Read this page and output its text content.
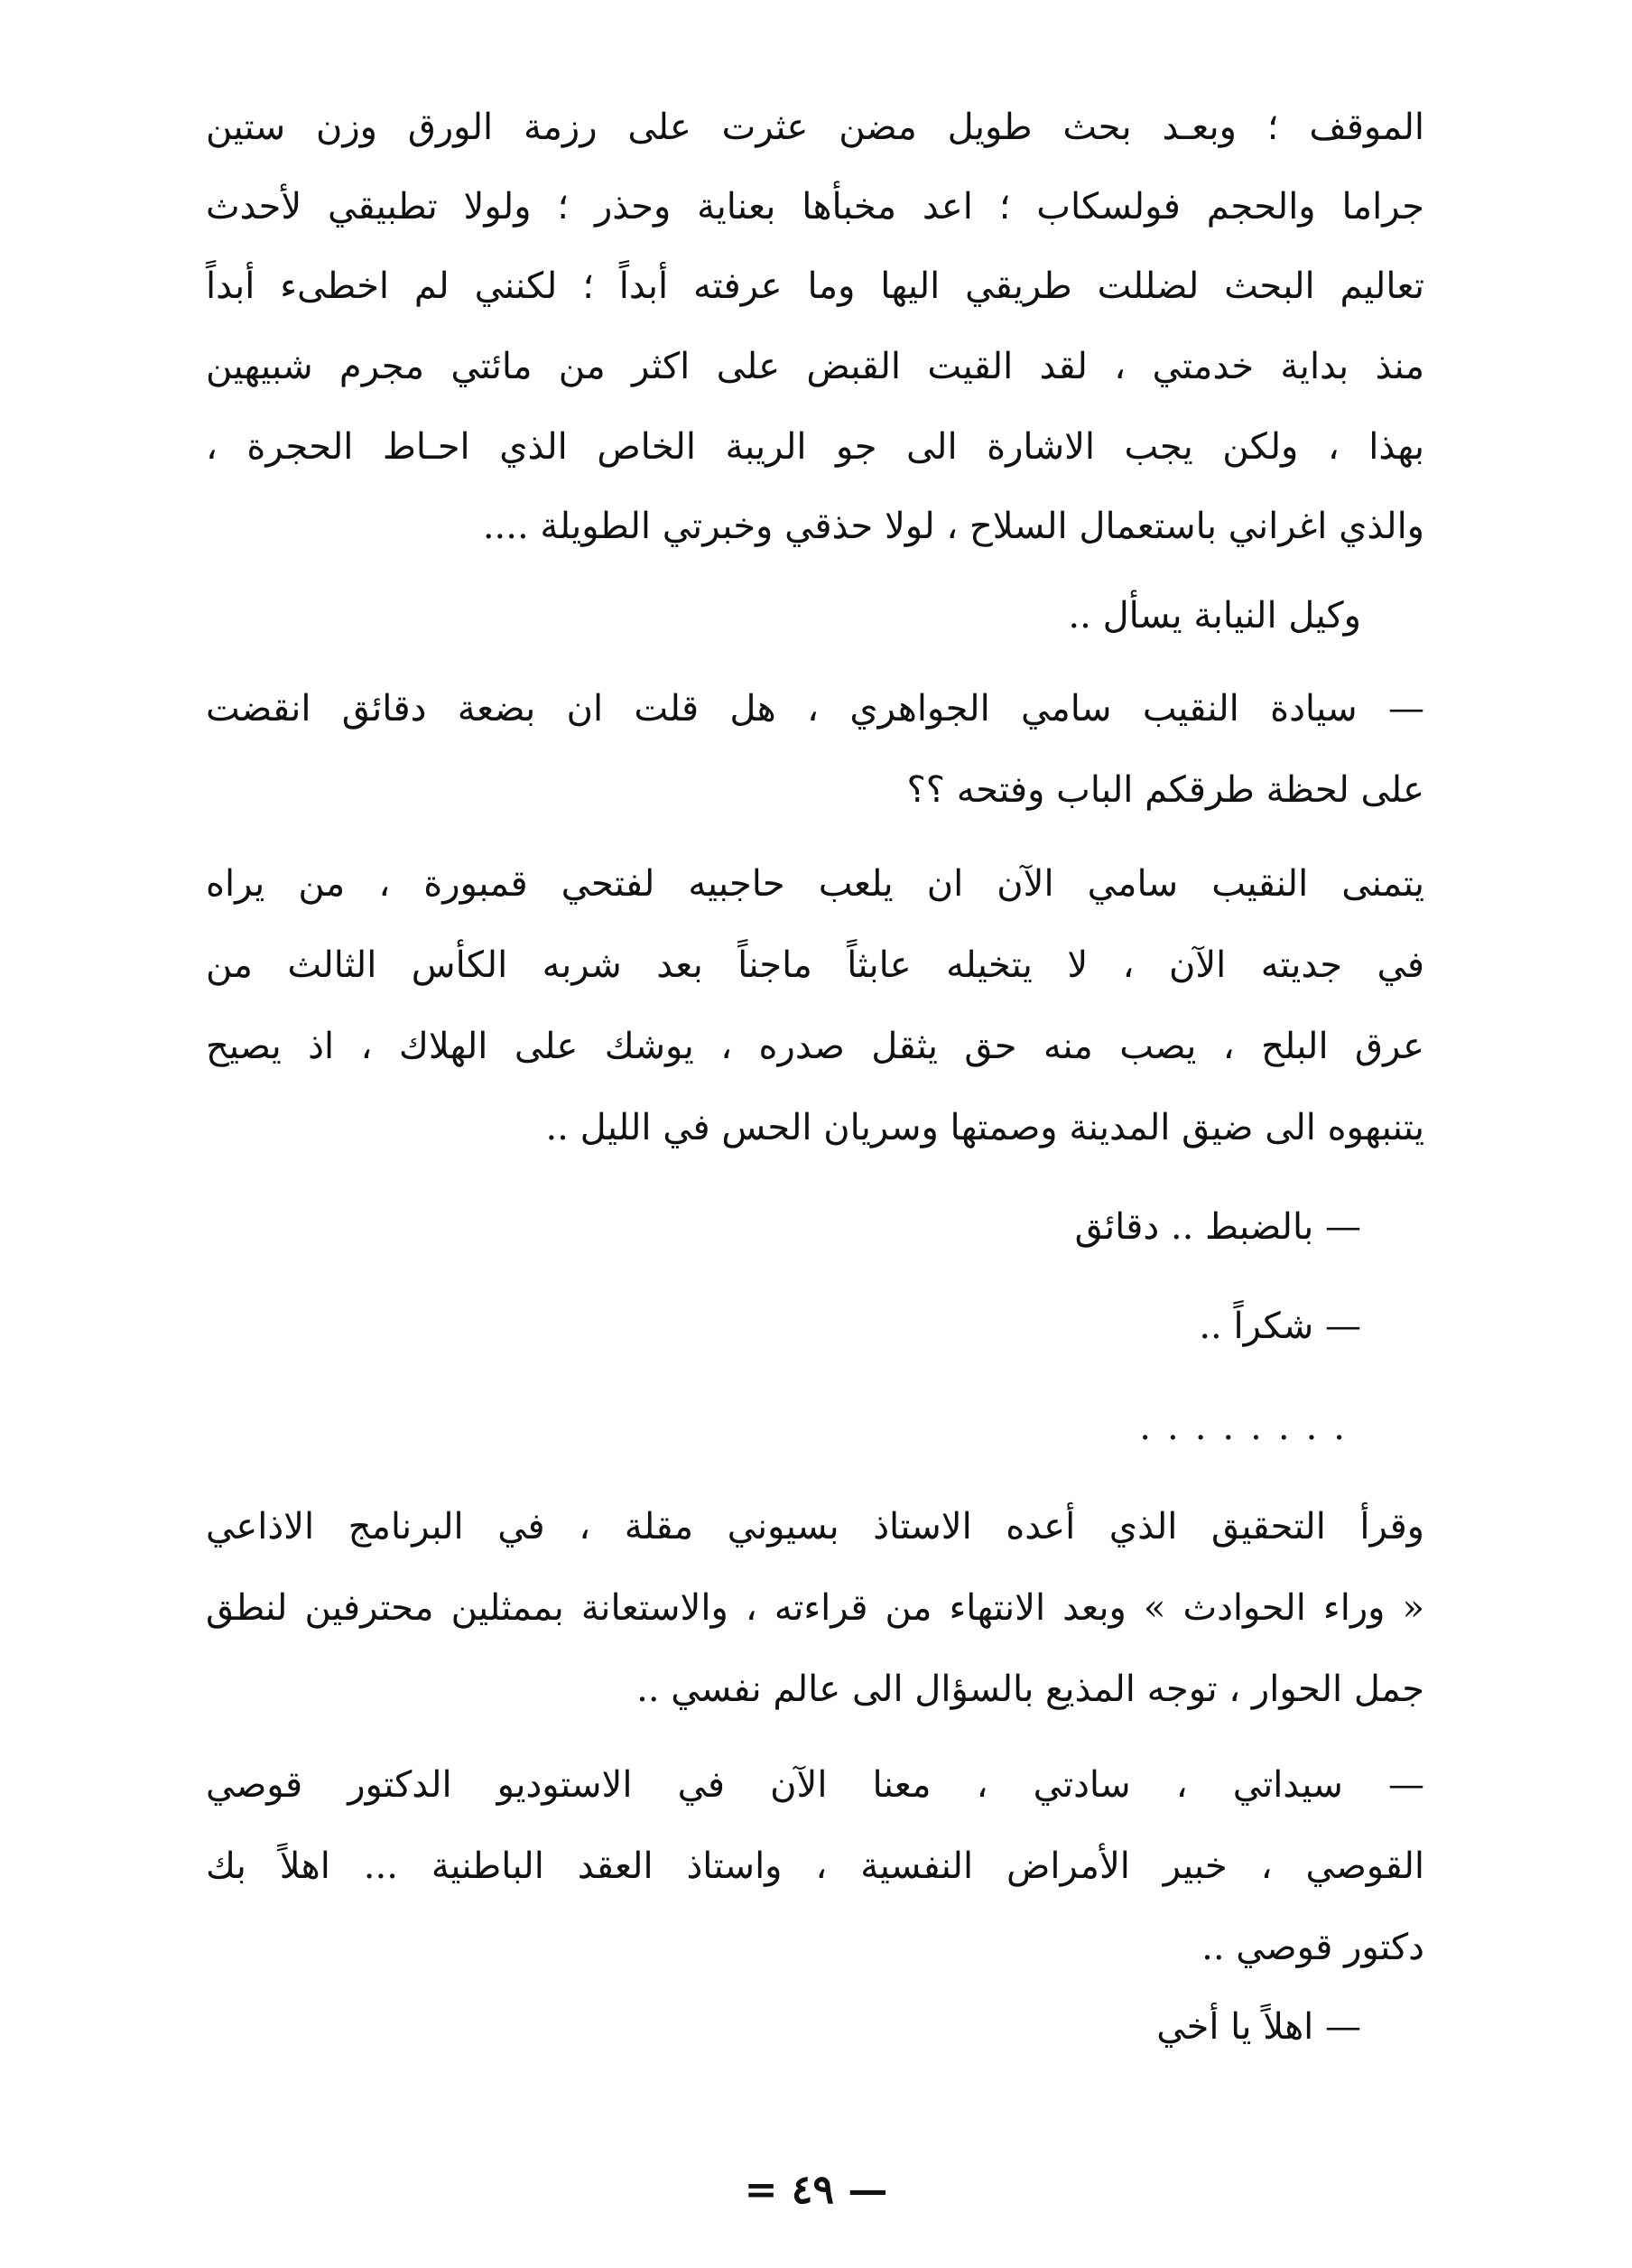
الموقف ؛ وبعـد بحث طويل مضن عثرت على رزمة الورق وزن ستين
جراما والحجم فولسكاب ؛ اعد مخبأها بعناية وحذر ؛ ولولا تطبيقي لأحدث
تعاليم البحث لضللت طريقي اليها وما عرفته أبداً ؛ لكنني لم اخطىء أبداً
منذ بداية خدمتي ، لقد القيت القبض على اكثر من مائتي مجرم شبيهين
بهذا ، ولكن يجب الاشارة الى جو الريبة الخاص الذي احـاط الحجرة ،
والذي اغراني باستعمال السلاح ، لولا حذقي وخبرتي الطويلة ....
وكيل النيابة يسأل ..
— سيادة النقيب سامي الجواهري ، هل قلت ان بضعة دقائق انقضت
على لحظة طرقكم الباب وفتحه ؟؟
يتمنى النقيب سامي الآن ان يلعب حاجبيه لفتحي قمبورة ، من يراه
في جديته الآن ، لا يتخيله عابثاً ماجناً بعد شربه الكأس الثالث من
عرق البلح ، يصب منه حق يثقل صدره ، يوشك على الهلاك ، اذ يصيح
يتنبهوه الى ضيق المدينة وصمتها وسريان الحس في الليل ..
— بالضبط .. دقائق
— شكراً ..
........
وقرأ التحقيق الذي أعده الاستاذ بسيوني مقلة ، في البرنامج الاذاعي
« وراء الحوادث » وبعد الانتهاء من قراءته ، والاستعانة بممثلين محترفين لنطق
جمل الحوار ، توجه المذيع بالسؤال الى عالم نفسي ..
— سيداتي ، سادتي ، معنا الآن في الاستوديو الدكتور قوصي
القوصي ، خبير الأمراض النفسية ، واستاذ العقد الباطنية ... اهلاً بك
دكتور قوصي ..
— اهلاً يا أخي
— ٤٩ =
